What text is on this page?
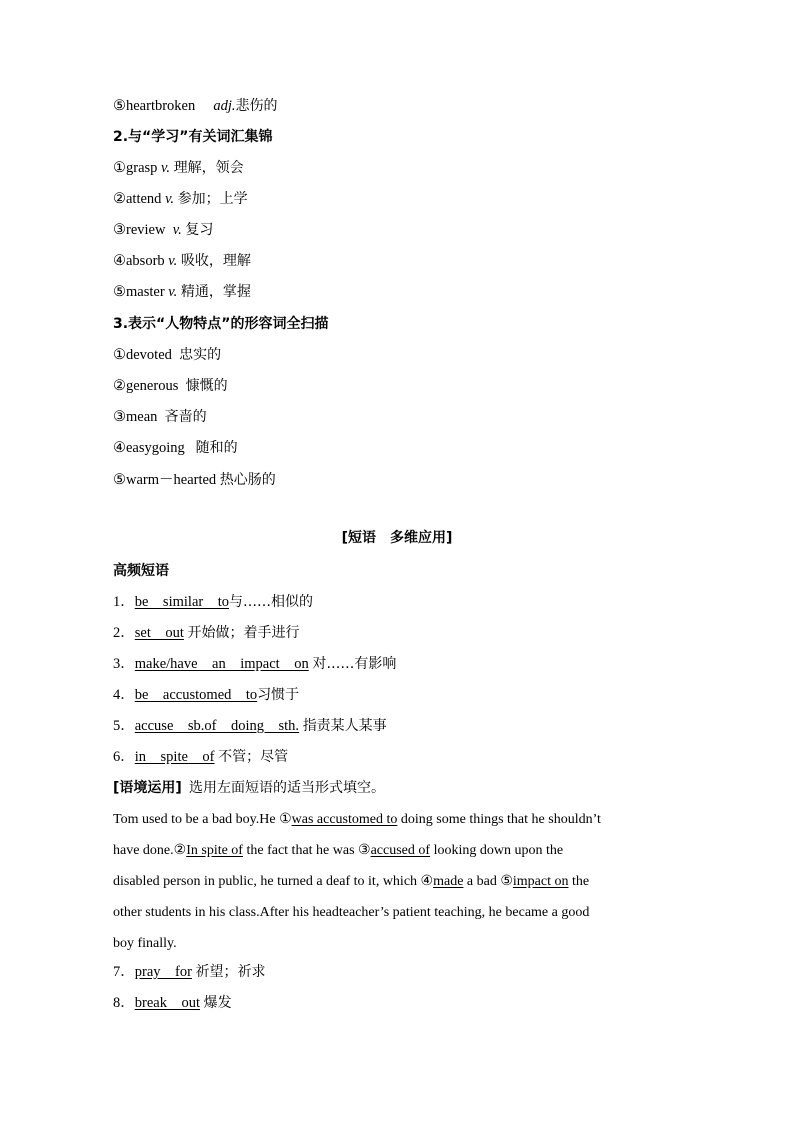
⑤heartbroken adj.悲伤的
2.与“学习”有关词汇集锦
①grasp v. 理解，领会
②attend v. 参加；上学
③review v. 复习
④absorb v. 吸收，理解
⑤master v. 精通，掌握
3.表示“人物特点”的形容词全扫描
①devoted 忠实的
②generous 慷慨的
③mean 吝啬的
④easygoing 随和的
⑤warm－hearted 热心肠的
[短语　多维应用]
高频短语
1．be　similar　to与……相似的
2．set　out 开始做；着手进行
3．make/have　an　impact　on 对……有影响
4．be　accustomed　to习惯于
5．accuse　sb.of　doing　sth. 指责某人某事
6．in　spite　of 不管；尽管
[语境运用] 选用左面短语的适当形式填空。
Tom used to be a bad boy.He ①was accustomed to doing some things that he shouldn’t
have done.②In spite of the fact that he was ③accused of looking down upon the
disabled person in public, he turned a deaf to it, which ④made a bad ⑤impact on the
other students in his class.After his headteacher’s patient teaching, he became a good
boy finally.
7．pray　for 祈望；祈求
8．break　out 爆发
